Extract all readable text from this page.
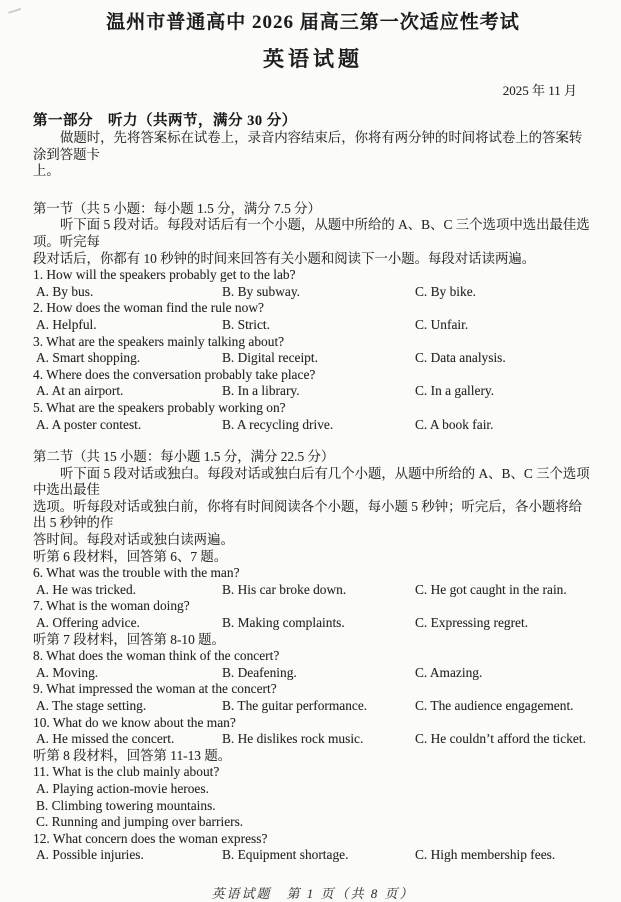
温州市普通高中 2026 届高三第一次适应性考试
英语试题
2025 年 11 月
第一部分　听力（共两节，满分 30 分）
做题时，先将答案标在试卷上，录音内容结束后，你将有两分钟的时间将试卷上的答案转涂到答题卡
上。
第一节（共 5 小题：每小题 1.5 分，满分 7.5 分）
听下面 5 段对话。每段对话后有一个小题，从题中所给的 A、B、C 三个选项中选出最佳选项。听完每
段对话后，你都有 10 秒钟的时间来回答有关小题和阅读下一小题。每段对话读两遍。
1. How will the speakers probably get to the lab?
A. By bus.	B. By subway.	C. By bike.
2. How does the woman find the rule now?
A. Helpful.	B. Strict.	C. Unfair.
3. What are the speakers mainly talking about?
A. Smart shopping.	B. Digital receipt.	C. Data analysis.
4. Where does the conversation probably take place?
A. At an airport.	B. In a library.	C. In a gallery.
5. What are the speakers probably working on?
A. A poster contest.	B. A recycling drive.	C. A book fair.
第二节（共 15 小题：每小题 1.5 分，满分 22.5 分）
听下面 5 段对话或独白。每段对话或独白后有几个小题，从题中所给的 A、B、C 三个选项中选出最佳
选项。听每段对话或独白前，你将有时间阅读各个小题，每小题 5 秒钟；听完后，各小题将给出 5 秒钟的作
答时间。每段对话或独白读两遍。
听第 6 段材料，回答第 6、7 题。
6. What was the trouble with the man?
A. He was tricked.	B. His car broke down.	C. He got caught in the rain.
7. What is the woman doing?
A. Offering advice.	B. Making complaints.	C. Expressing regret.
听第 7 段材料，回答第 8-10 题。
8. What does the woman think of the concert?
A. Moving.	B. Deafening.	C. Amazing.
9. What impressed the woman at the concert?
A. The stage setting.	B. The guitar performance.	C. The audience engagement.
10. What do we know about the man?
A. He missed the concert.	B. He dislikes rock music.	C. He couldn’t afford the ticket.
听第 8 段材料，回答第 11-13 题。
11. What is the club mainly about?
A. Playing action-movie heroes.
B. Climbing towering mountains.
C. Running and jumping over barriers.
12. What concern does the woman express?
A. Possible injuries.	B. Equipment shortage.	C. High membership fees.
英语试题　第 1 页（共 8 页）
